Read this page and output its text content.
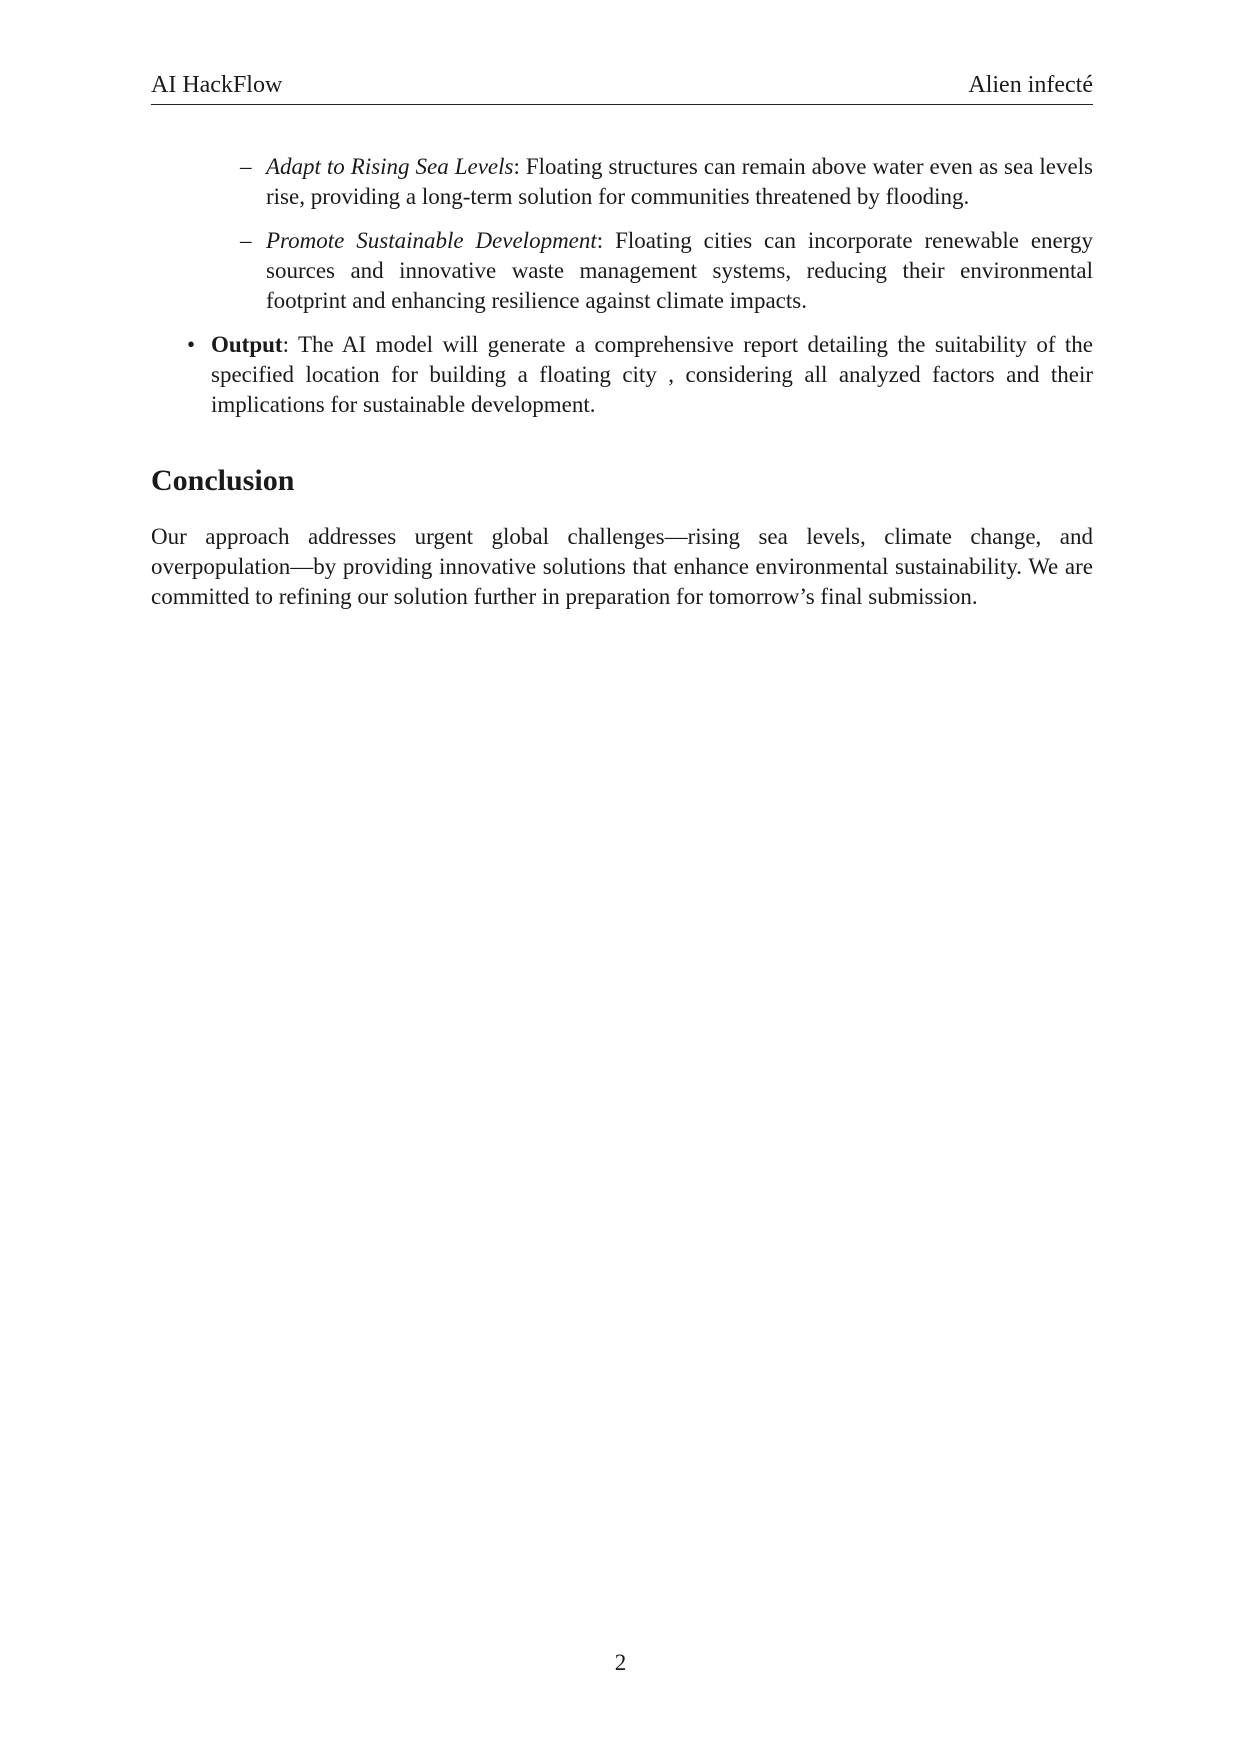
AI HackFlow	Alien infecté
– Adapt to Rising Sea Levels: Floating structures can remain above water even as sea levels rise, providing a long-term solution for communities threatened by flooding.
– Promote Sustainable Development: Floating cities can incorporate renewable energy sources and innovative waste management systems, reducing their environmental footprint and enhancing resilience against climate impacts.
• Output: The AI model will generate a comprehensive report detailing the suitability of the specified location for building a floating city , considering all analyzed factors and their implications for sustainable development.
Conclusion

Our approach addresses urgent global challenges—rising sea levels, climate change, and overpopulation—by providing innovative solutions that enhance environmental sustainability. We are committed to refining our solution further in preparation for tomorrow’s final submission.

2
